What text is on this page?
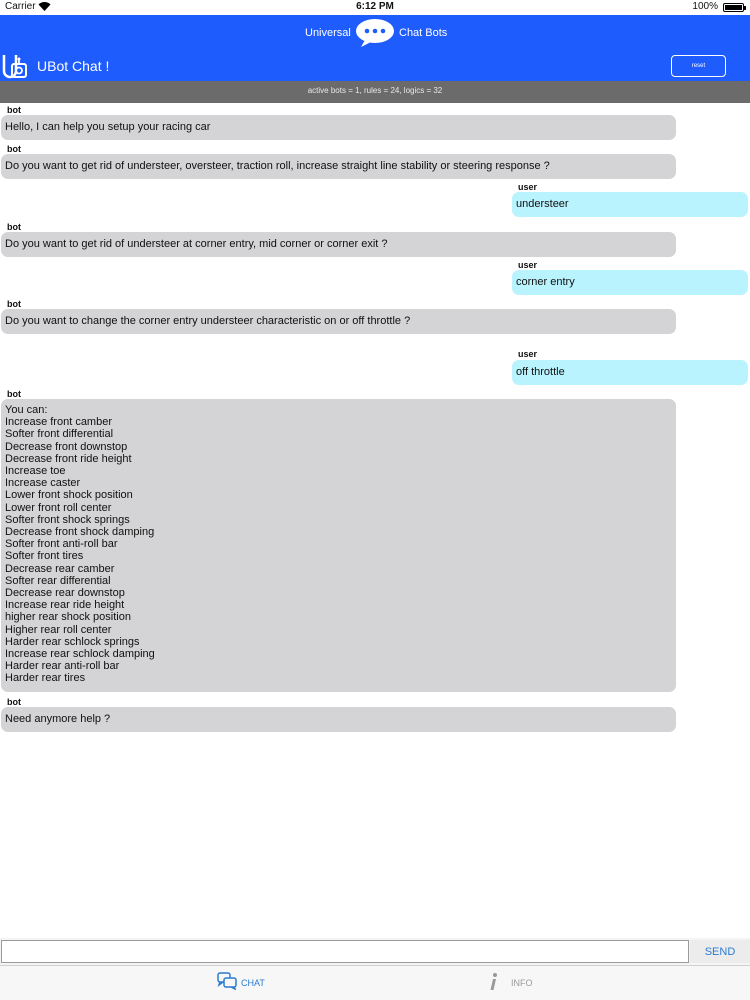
Carrier	6:12 PM	100%
Universal	Chat Bots
UBot Chat !	reset
active bots = 1, rules = 24, logics = 32
bot
Hello, I can help you setup your racing car
bot
Do you want to get rid of understeer, oversteer, traction roll, increase straight line stability or steering response ?
user
understeer
bot
Do you want to get rid of understeer at corner entry, mid corner or corner exit ?
user
corner entry
bot
Do you want to change the corner entry understeer characteristic on or off throttle ?
user
off throttle
bot
You can:
Increase front camber
Softer front differential
Decrease front downstop
Decrease front ride height
Increase toe
Increase caster
Lower front shock position
Lower front roll center
Softer front shock springs
Decrease front shock damping
Softer front anti-roll bar
Softer front tires
Decrease rear camber
Softer rear differential
Decrease rear downstop
Increase rear ride height
higher rear shock position
Higher rear roll center
Harder rear schlock springs
Increase rear schlock damping
Harder rear anti-roll bar
Harder rear tires
bot
Need anymore help ?
SEND
CHAT	INFO
